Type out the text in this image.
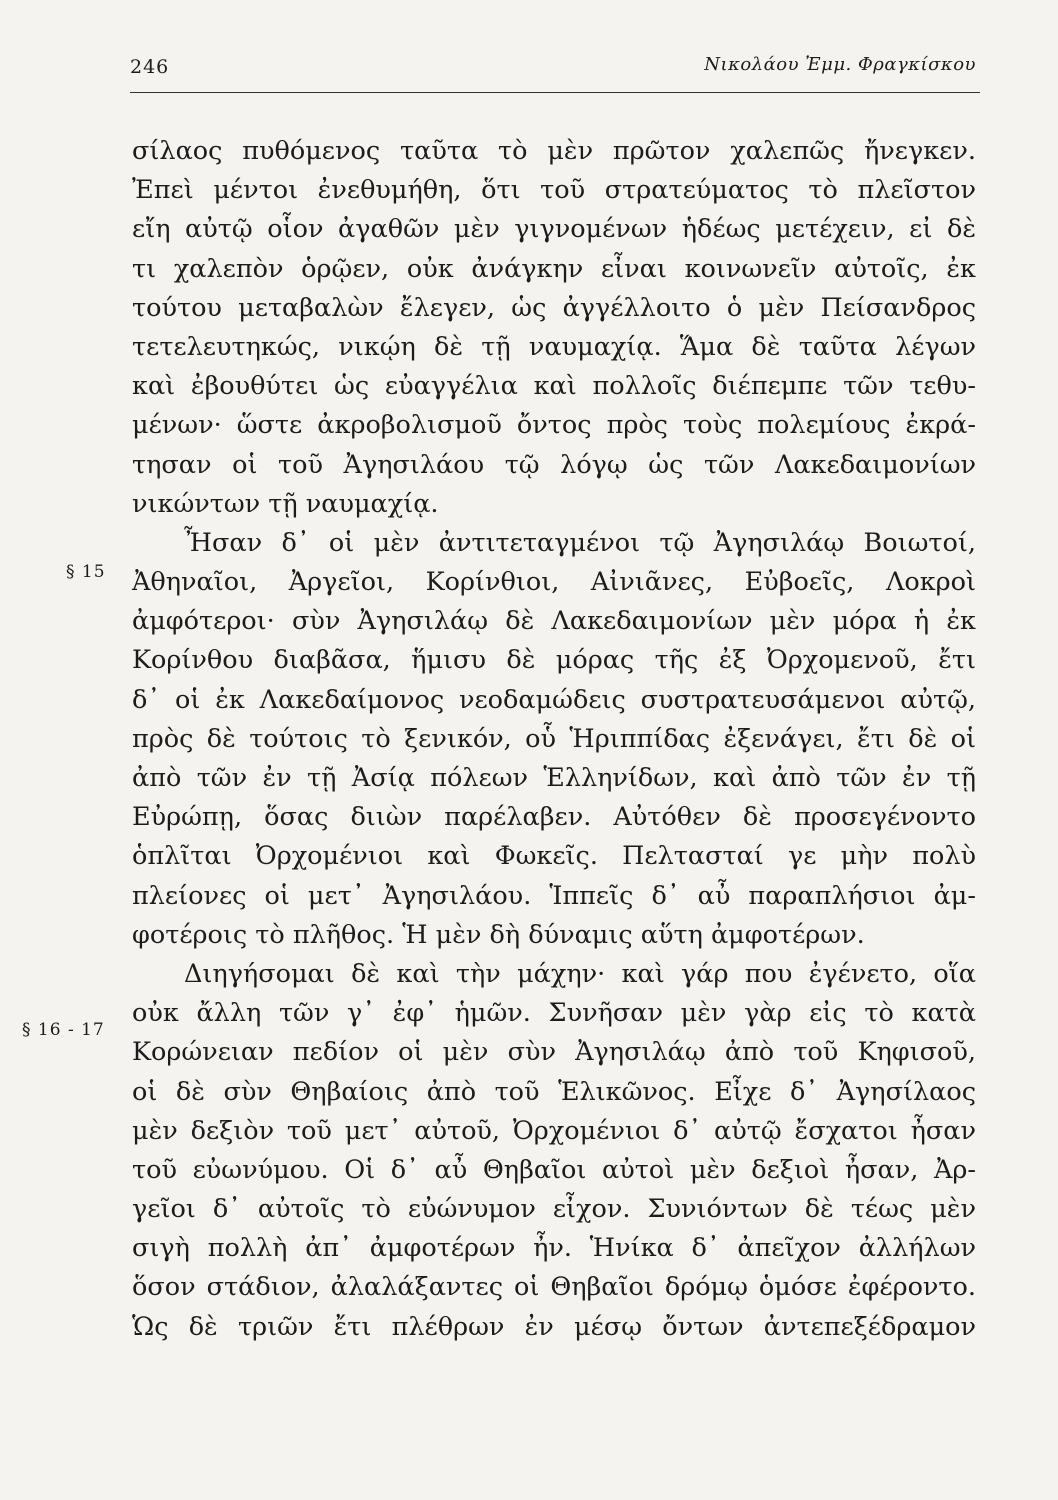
246	Νικολάου Ἐμμ. Φραγκίσκου
§ 15
§ 16 - 17
σίλαος πυθόμενος ταῦτα τὸ μὲν πρῶτον χαλεπῶς ἤνεγκεν.
Ἐπεὶ μέντοι ἐνεθυμήθη, ὅτι τοῦ στρατεύματος τὸ πλεῖστον
εἴη αὐτῷ οἷον ἀγαθῶν μὲν γιγνομένων ἡδέως μετέχειν, εἰ δὲ
τι χαλεπὸν ὁρῷεν, οὐκ ἀνάγκην εἶναι κοινωνεῖν αὐτοῖς, ἐκ
τούτου μεταβαλὼν ἔλεγεν, ὡς ἀγγέλλοιτο ὁ μὲν Πείσανδρος
τετελευτηκώς, νικῴη δὲ τῇ ναυμαχίᾳ. Ἅμα δὲ ταῦτα λέγων
καὶ ἐβουθύτει ὡς εὐαγγέλια καὶ πολλοῖς διέπεμπε τῶν τεθυ-
μένων· ὥστε ἀκροβολισμοῦ ὄντος πρὸς τοὺς πολεμίους ἐκρά-
τησαν οἱ τοῦ Ἀγησιλάου τῷ λόγῳ ὡς τῶν Λακεδαιμονίων
νικώντων τῇ ναυμαχίᾳ.
Ἦσαν δ᾽ οἱ μὲν ἀντιτεταγμένοι τῷ Ἀγησιλάῳ Βοιωτοί,
Ἀθηναῖοι, Ἀργεῖοι, Κορίνθιοι, Αἰνιᾶνες, Εὐβοεῖς, Λοκροὶ
ἀμφότεροι· σὺν Ἀγησιλάῳ δὲ Λακεδαιμονίων μὲν μόρα ἡ ἐκ
Κορίνθου διαβᾶσα, ἥμισυ δὲ μόρας τῆς ἐξ Ὀρχομενοῦ, ἔτι
δ᾽ οἱ ἐκ Λακεδαίμονος νεοδαμώδεις συστρατευσάμενοι αὐτῷ,
πρὸς δὲ τούτοις τὸ ξενικόν, οὗ Ἡριππίδας ἐξενάγει, ἔτι δὲ οἱ
ἀπὸ τῶν ἐν τῇ Ἀσίᾳ πόλεων Ἑλληνίδων, καὶ ἀπὸ τῶν ἐν τῇ
Εὐρώπῃ, ὅσας διιὼν παρέλαβεν. Αὐτόθεν δὲ προσεγένοντο
ὁπλῖται Ὀρχομένιοι καὶ Φωκεῖς. Πελτασταί γε μὴν πολὺ
πλείονες οἱ μετ᾽ Ἀγησιλάου. Ἱππεῖς δ᾽ αὖ παραπλήσιοι ἀμ-
φοτέροις τὸ πλῆθος. Ἡ μὲν δὴ δύναμις αὕτη ἀμφοτέρων.
Διηγήσομαι δὲ καὶ τὴν μάχην· καὶ γάρ που ἐγένετο, οἵα
οὐκ ἄλλη τῶν γ᾽ ἐφ᾽ ἡμῶν. Συνῆσαν μὲν γὰρ εἰς τὸ κατὰ
Κορώνειαν πεδίον οἱ μὲν σὺν Ἀγησιλάῳ ἀπὸ τοῦ Κηφισοῦ,
οἱ δὲ σὺν Θηβαίοις ἀπὸ τοῦ Ἑλικῶνος. Εἶχε δ᾽ Ἀγησίλαος
μὲν δεξιὸν τοῦ μετ᾽ αὐτοῦ, Ὀρχομένιοι δ᾽ αὐτῷ ἔσχατοι ἦσαν
τοῦ εὐωνύμου. Οἱ δ᾽ αὖ Θηβαῖοι αὐτοὶ μὲν δεξιοὶ ἦσαν, Ἀρ-
γεῖοι δ᾽ αὐτοῖς τὸ εὐώνυμον εἶχον. Συνιόντων δὲ τέως μὲν
σιγὴ πολλὴ ἀπ᾽ ἀμφοτέρων ἦν. Ἡνίκα δ᾽ ἀπεῖχον ἀλλήλων
ὅσον στάδιον, ἀλαλάξαντες οἱ Θηβαῖοι δρόμῳ ὁμόσε ἐφέροντο.
Ὡς δὲ τριῶν ἔτι πλέθρων ἐν μέσῳ ὄντων ἀντεπεξέδραμον
